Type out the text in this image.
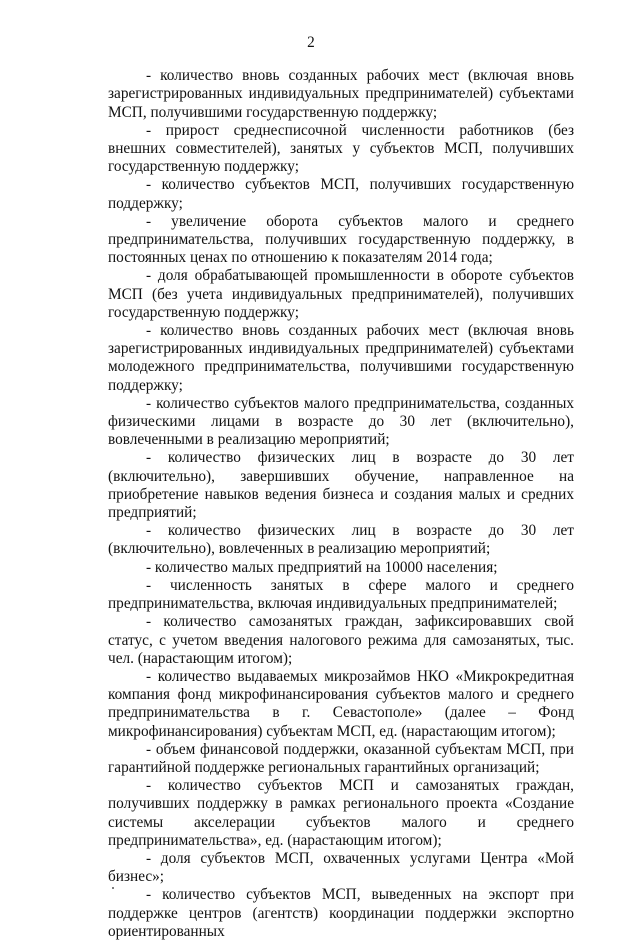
2

- количество вновь созданных рабочих мест (включая вновь зарегистрированных индивидуальных предпринимателей) субъектами МСП, получившими государственную поддержку;

- прирост среднесписочной численности работников (без внешних совместителей), занятых у субъектов МСП, получивших государственную поддержку;

- количество субъектов МСП, получивших государственную поддержку;

- увеличение оборота субъектов малого и среднего предпринимательства, получивших государственную поддержку, в постоянных ценах по отношению к показателям 2014 года;

- доля обрабатывающей промышленности в обороте субъектов МСП (без учета индивидуальных предпринимателей), получивших государственную поддержку;

- количество вновь созданных рабочих мест (включая вновь зарегистрированных индивидуальных предпринимателей) субъектами молодежного предпринимательства, получившими государственную поддержку;

- количество субъектов малого предпринимательства, созданных физическими лицами в возрасте до 30 лет (включительно), вовлеченными в реализацию мероприятий;

- количество физических лиц в возрасте до 30 лет (включительно), завершивших обучение, направленное на приобретение навыков ведения бизнеса и создания малых и средних предприятий;

- количество физических лиц в возрасте до 30 лет (включительно), вовлеченных в реализацию мероприятий;

- количество малых предприятий на 10000 населения;

- численность занятых в сфере малого и среднего предпринимательства, включая индивидуальных предпринимателей;

- количество самозанятых граждан, зафиксировавших свой статус, с учетом введения налогового режима для самозанятых, тыс. чел. (нарастающим итогом);

- количество выдаваемых микрозаймов НКО «Микрокредитная компания фонд микрофинансирования субъектов малого и среднего предпринимательства в г. Севастополе» (далее – Фонд микрофинансирования) субъектам МСП, ед. (нарастающим итогом);

- объем финансовой поддержки, оказанной субъектам МСП, при гарантийной поддержке региональных гарантийных организаций;

- количество субъектов МСП и самозанятых граждан, получивших поддержку в рамках регионального проекта «Создание системы акселерации субъектов малого и среднего предпринимательства», ед. (нарастающим итогом);

- доля субъектов МСП, охваченных услугами Центра «Мой бизнес»;

- количество субъектов МСП, выведенных на экспорт при поддержке центров (агентств) координации поддержки экспортно ориентированных
